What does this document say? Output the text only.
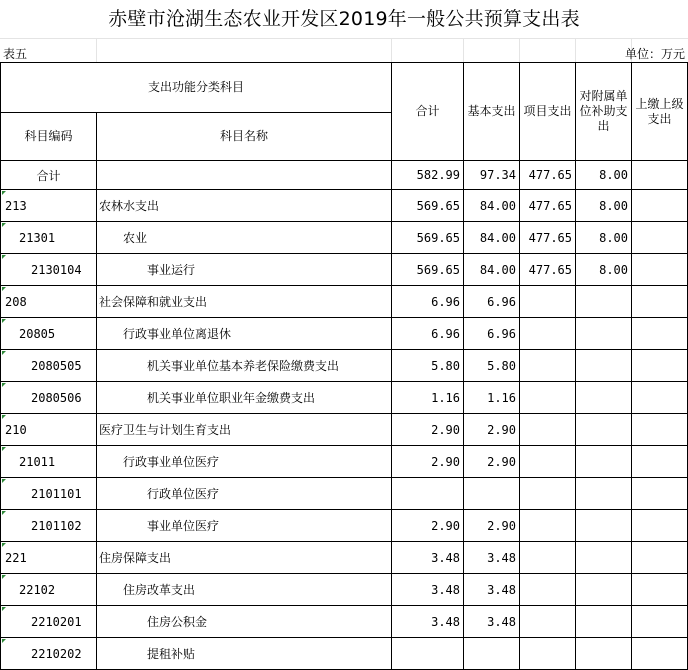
赤壁市沧湖生态农业开发区2019年一般公共预算支出表
表五	单位：万元
支出功能分类科目		合计	基本支出	项目支出	对附属单位补助支出	上缴上级支出
科目编码	科目名称					
合计		582.99	97.34	477.65	8.00	
213	农林水支出	569.65	84.00	477.65	8.00	
21301	农业	569.65	84.00	477.65	8.00	
2130104	事业运行	569.65	84.00	477.65	8.00	
208	社会保障和就业支出	6.96	6.96			
20805	行政事业单位离退休	6.96	6.96			
2080505	机关事业单位基本养老保险缴费支出	5.80	5.80			
2080506	机关事业单位职业年金缴费支出	1.16	1.16			
210	医疗卫生与计划生育支出	2.90	2.90			
21011	行政事业单位医疗	2.90	2.90			
2101101	行政单位医疗					
2101102	事业单位医疗	2.90	2.90			
221	住房保障支出	3.48	3.48			
22102	住房改革支出	3.48	3.48			
2210201	住房公积金	3.48	3.48			
2210202	提租补贴					
